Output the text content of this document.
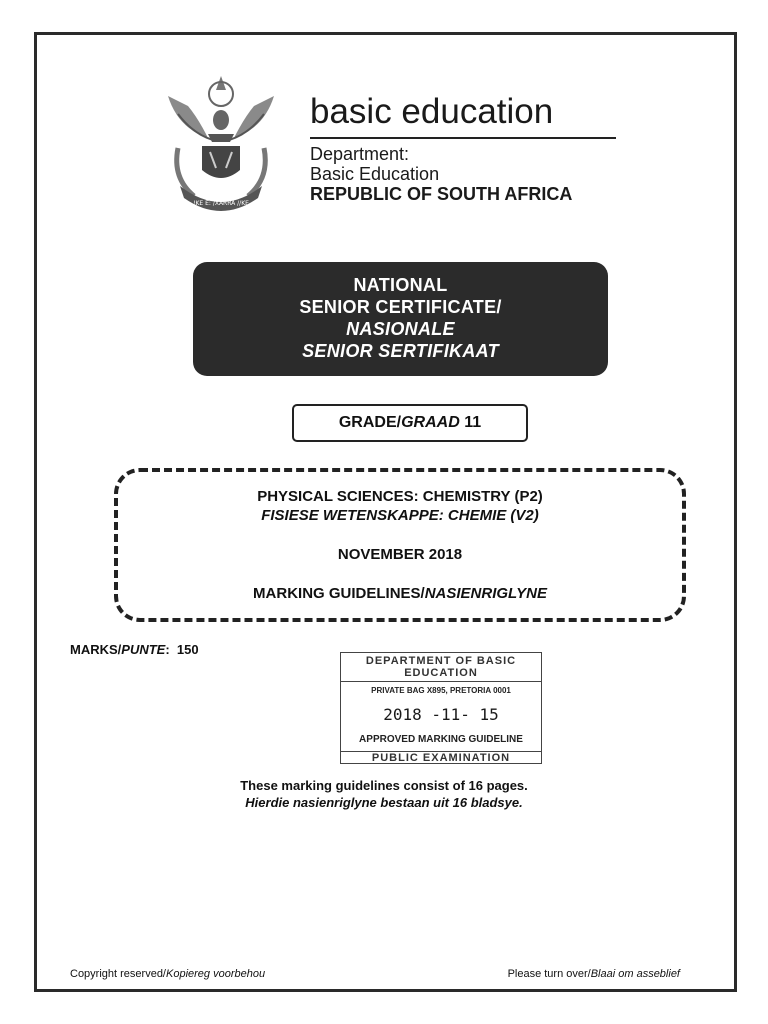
!KE E: /XARRA //KE
basic education
Department:
Basic Education
REPUBLIC OF SOUTH AFRICA
NATIONAL
SENIOR CERTIFICATE/
NASIONALE
SENIOR SERTIFIKAAT
GRADE/GRAAD 11
PHYSICAL SCIENCES: CHEMISTRY (P2)
FISIESE WETENSKAPPE: CHEMIE (V2)
NOVEMBER 2018
MARKING GUIDELINES/NASIENRIGLYNE
MARKS/PUNTE:  150
DEPARTMENT OF BASIC
EDUCATION
PRIVATE BAG X895, PRETORIA 0001
2018 -11- 15
APPROVED MARKING GUIDELINE
PUBLIC EXAMINATION
These marking guidelines consist of 16 pages.
Hierdie nasienriglyne bestaan uit 16 bladsye.
Copyright reserved/Kopiereg voorbehou	Please turn over/Blaai om asseblief
